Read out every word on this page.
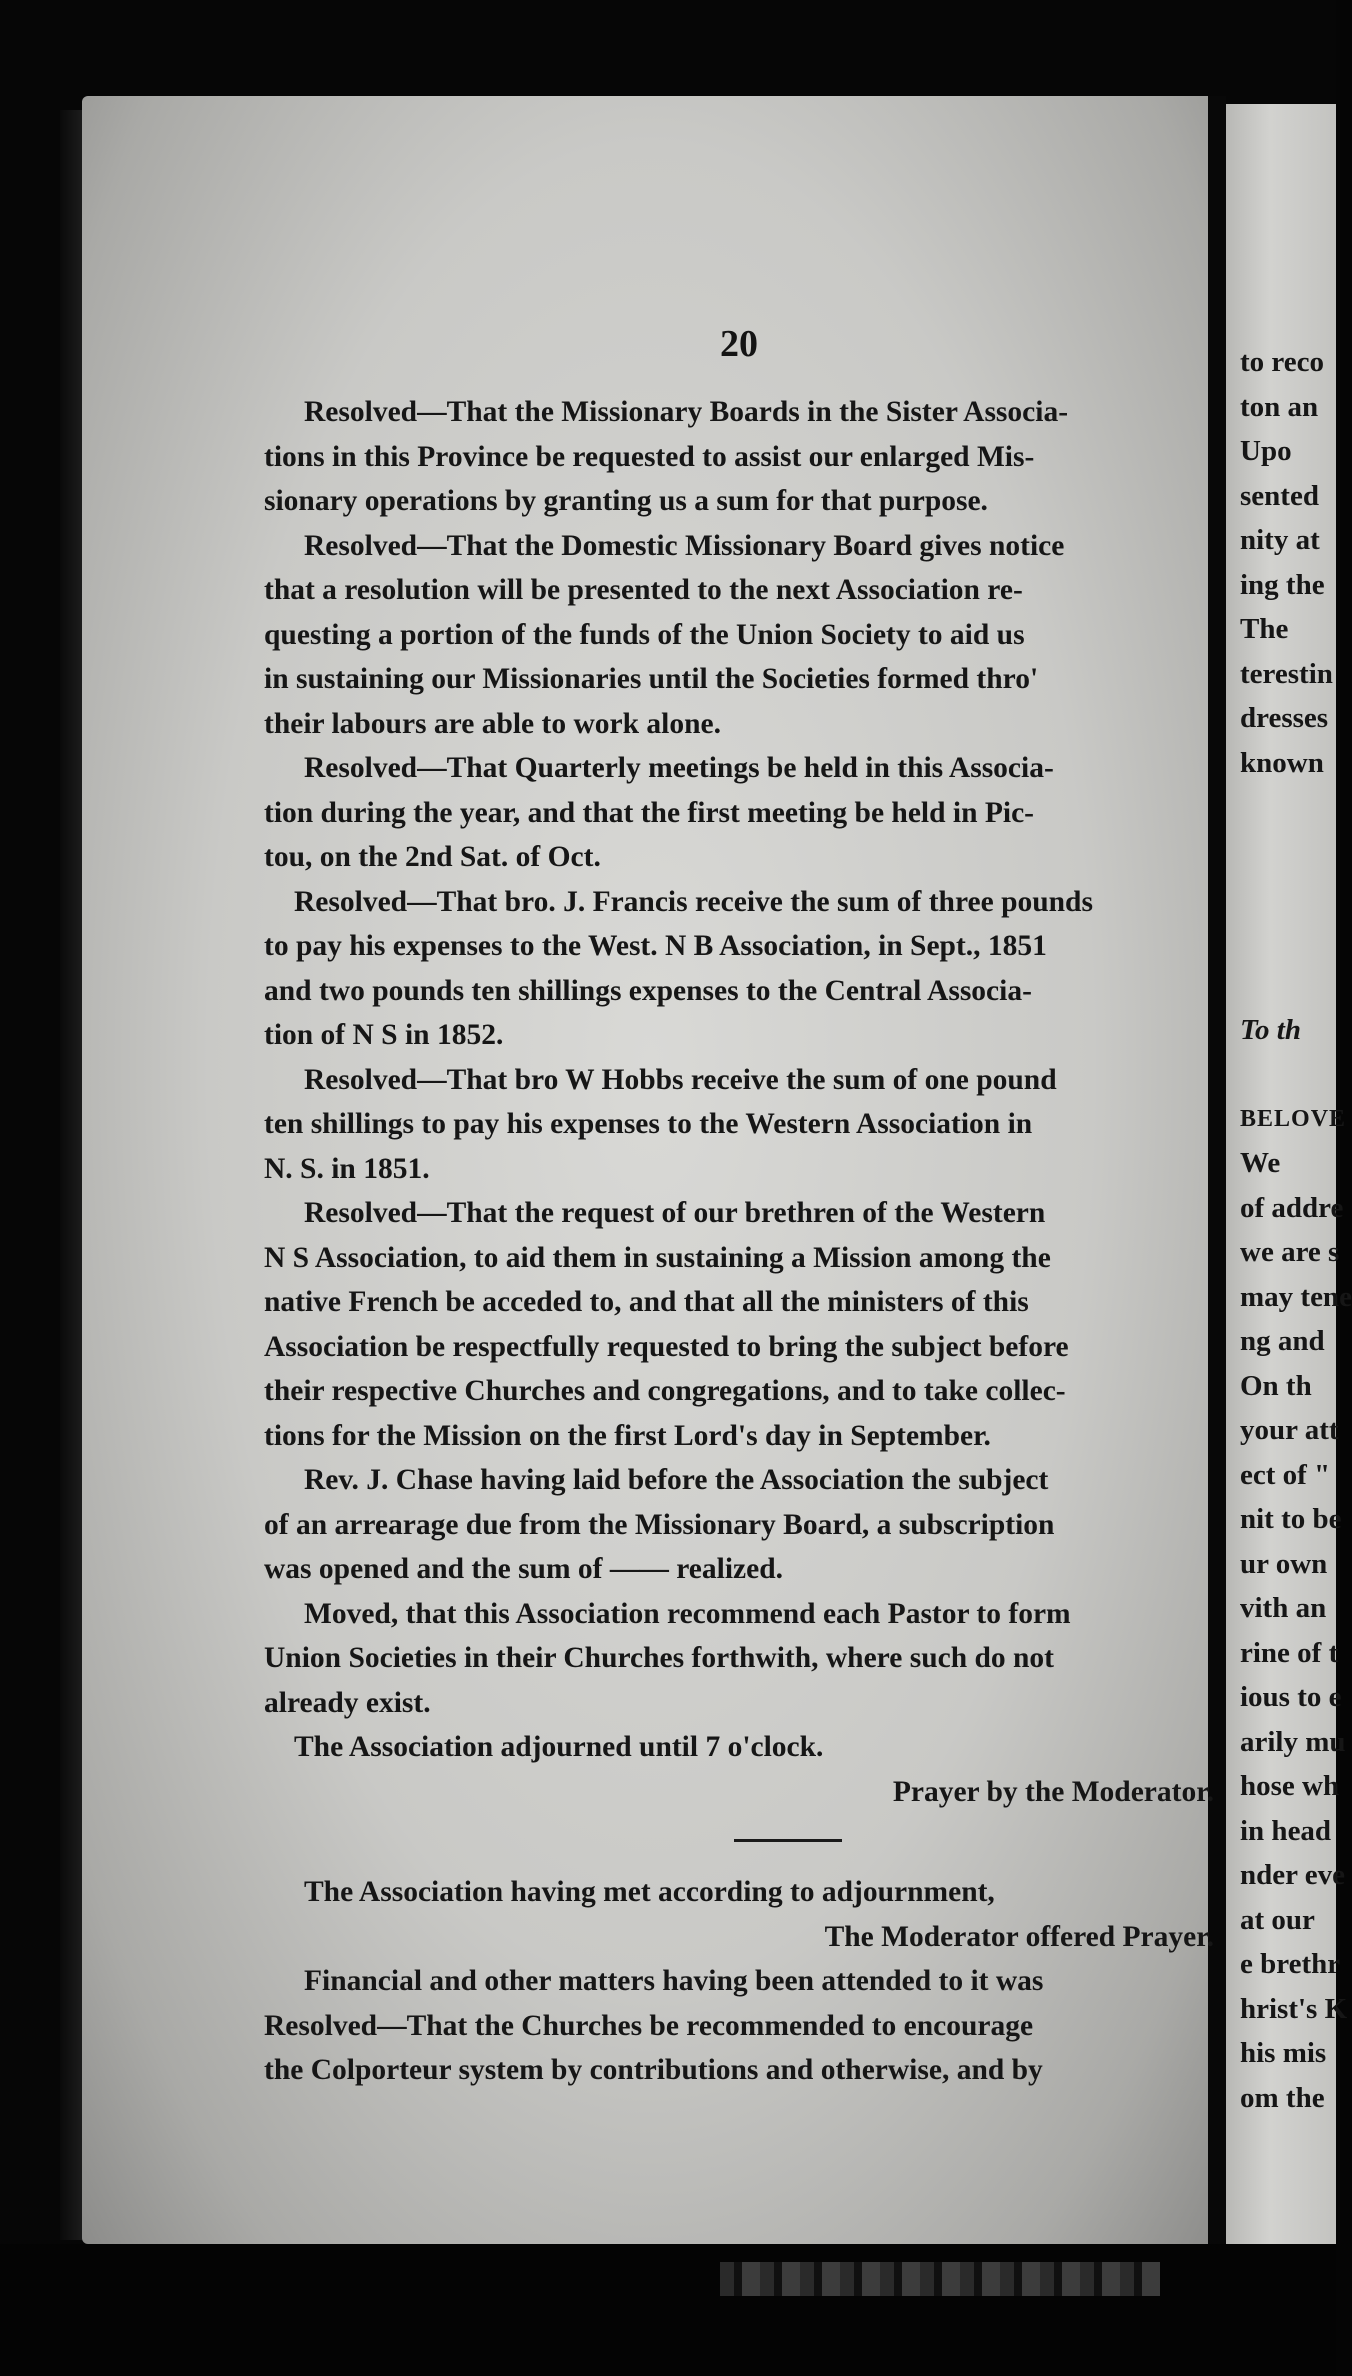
20
Resolved—That the Missionary Boards in the Sister Associa-
tions in this Province be requested to assist our enlarged Mis-
sionary operations by granting us a sum for that purpose.
Resolved—That the Domestic Missionary Board gives notice
that a resolution will be presented to the next Association re-
questing a portion of the funds of the Union Society to aid us
in sustaining our Missionaries until the Societies formed thro'
their labours are able to work alone.
Resolved—That Quarterly meetings be held in this Associa-
tion during the year, and that the first meeting be held in Pic-
tou, on the 2nd Sat. of Oct.
Resolved—That bro. J. Francis receive the sum of three pounds
to pay his expenses to the West. N B Association, in Sept., 1851
and two pounds ten shillings expenses to the Central Associa-
tion of N S in 1852.
Resolved—That bro W Hobbs receive the sum of one pound
ten shillings to pay his expenses to the Western Association in
N. S. in 1851.
Resolved—That the request of our brethren of the Western
N S Association, to aid them in sustaining a Mission among the
native French be acceded to, and that all the ministers of this
Association be respectfully requested to bring the subject before
their respective Churches and congregations, and to take collec-
tions for the Mission on the first Lord's day in September.
Rev. J. Chase having laid before the Association the subject
of an arrearage due from the Missionary Board, a subscription
was opened and the sum of —— realized.
Moved, that this Association recommend each Pastor to form
Union Societies in their Churches forthwith, where such do not
already exist.
The Association adjourned until 7 o'clock.
Prayer by the Moderator.
The Association having met according to adjournment,
The Moderator offered Prayer.
Financial and other matters having been attended to it was
Resolved—That the Churches be recommended to encourage
the Colporteur system by contributions and otherwise, and by
to reco
ton an
Upo
sented
nity at
ing the
The
terestin
dresses
known
To th
BELOVE
We
of addre
we are s
may tene
ng and
On th
your att
ect of "
nit to be
ur own
vith an
rine of t
ious to e
arily mu
hose wh
in head
nder eve
at our
e brethr
hrist's K
his mis
om the
